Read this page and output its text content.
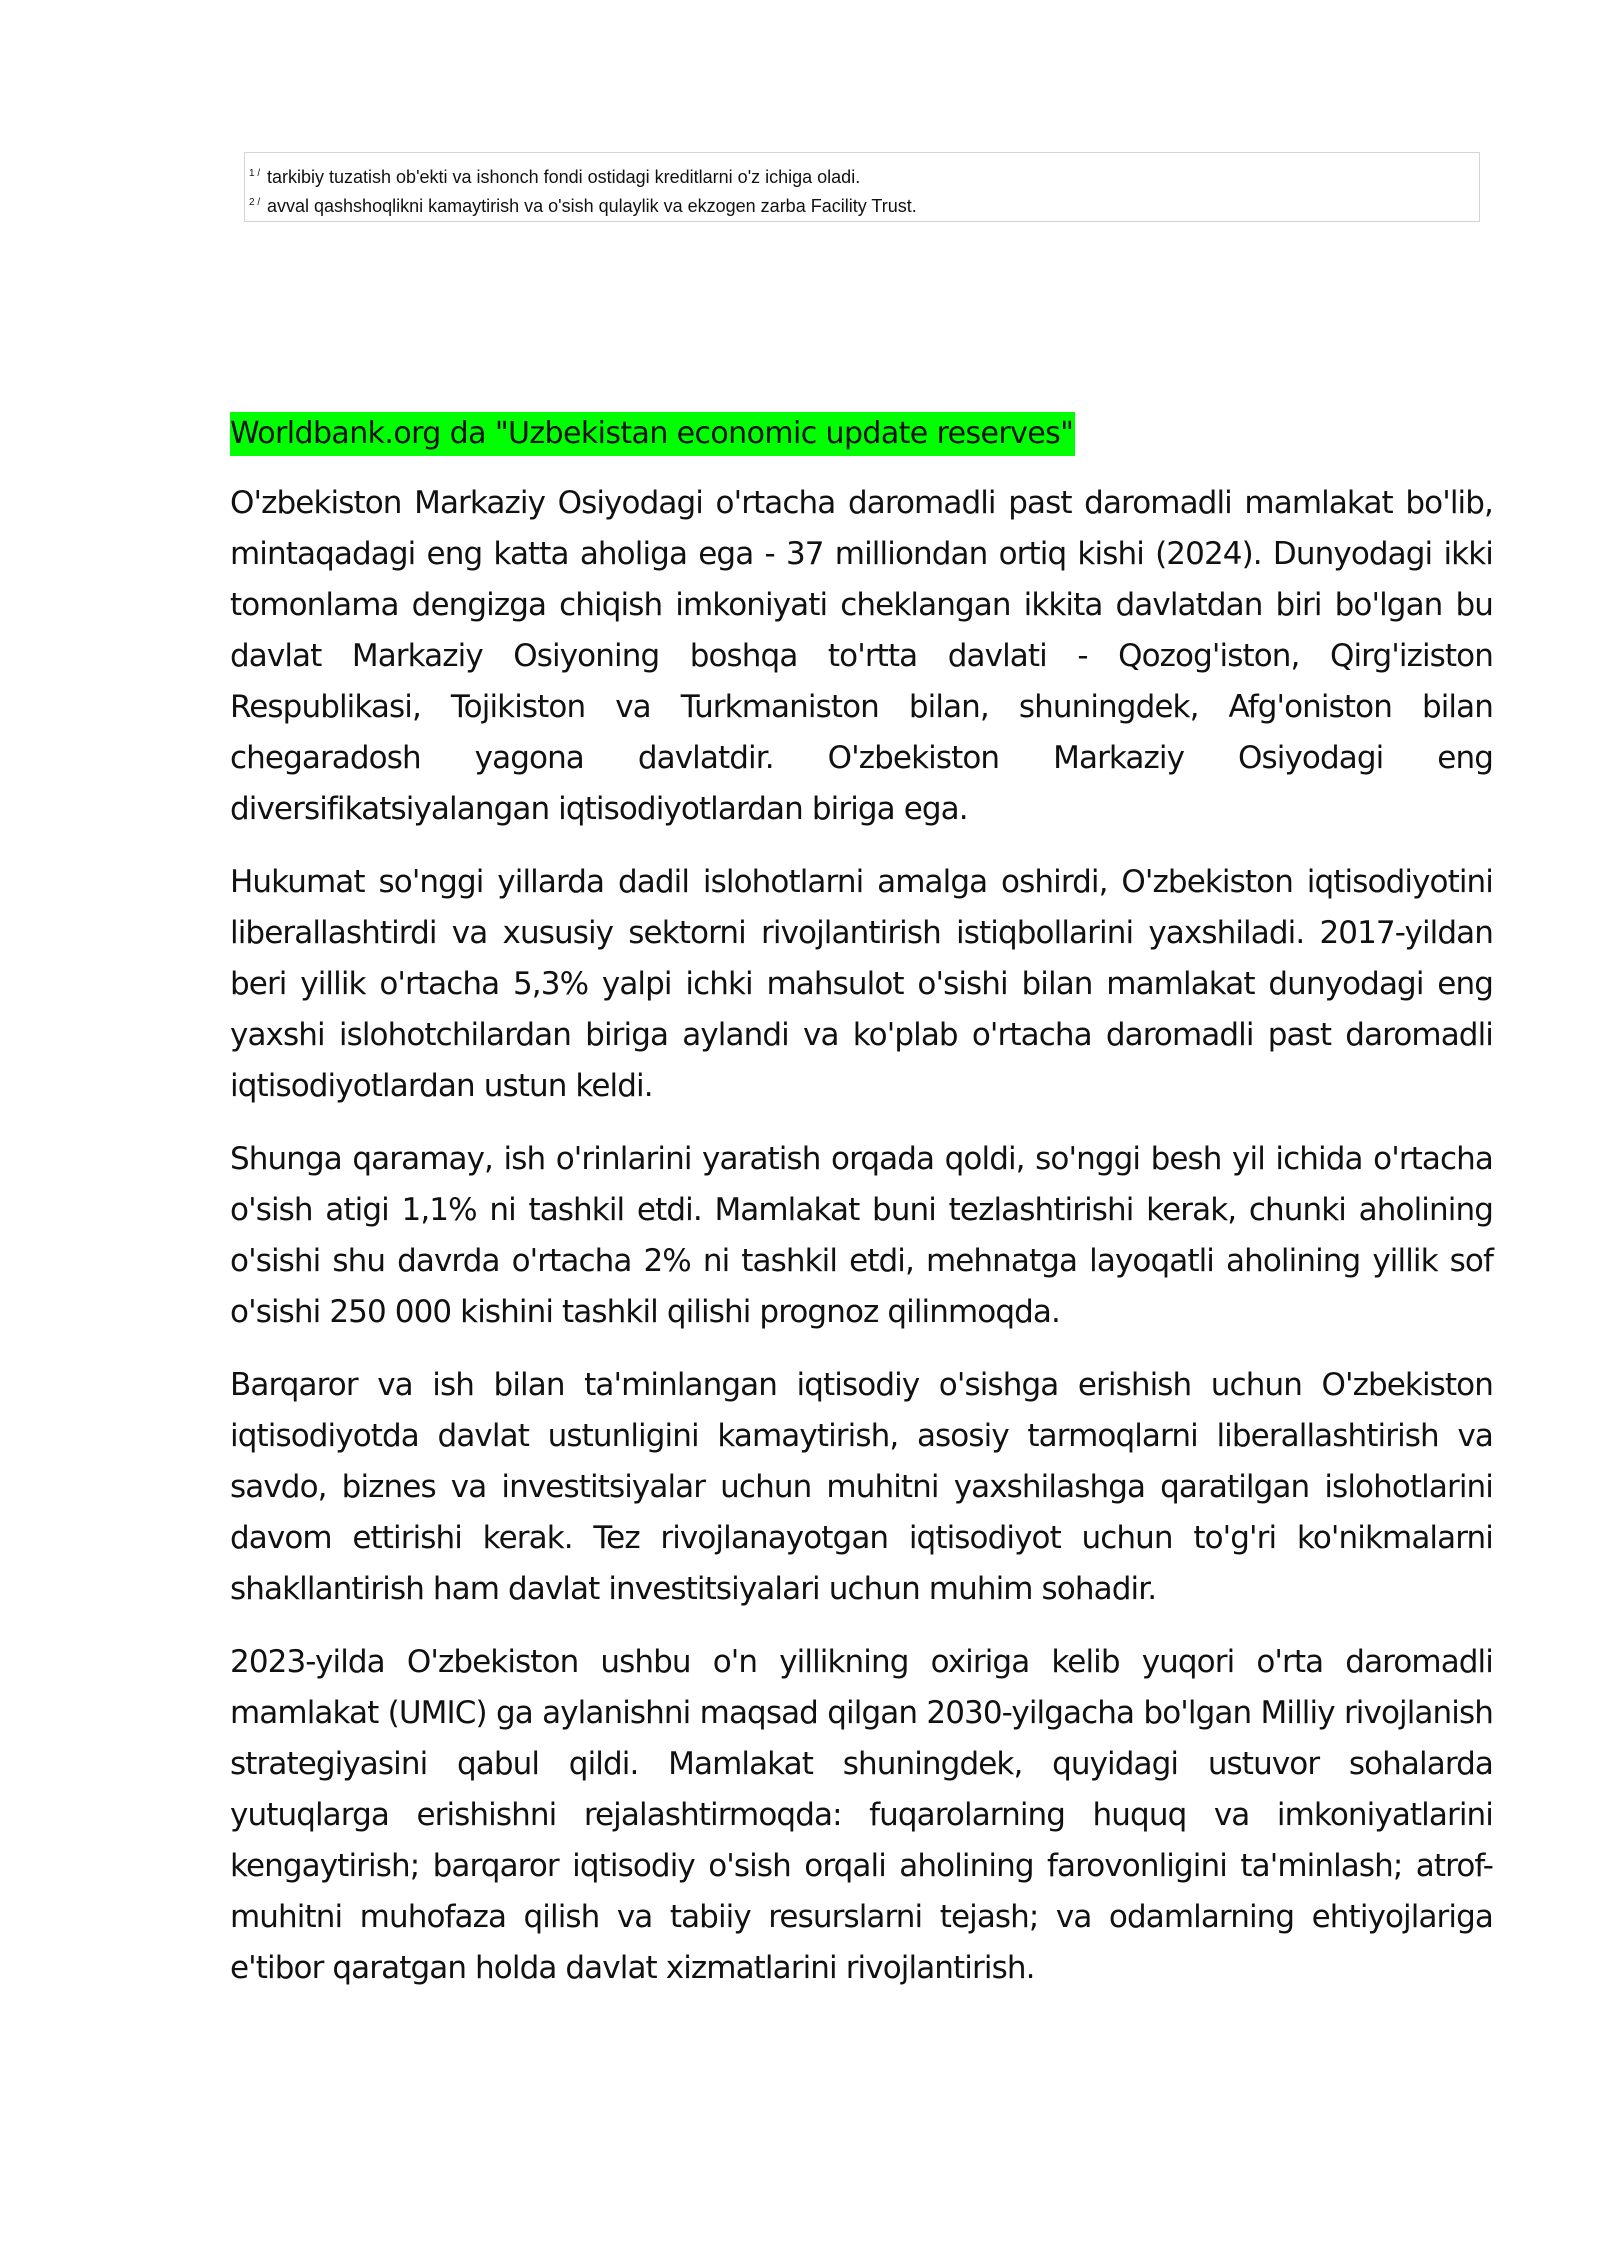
1 / tarkibiy tuzatish ob'ekti va ishonch fondi ostidagi kreditlarni o'z ichiga oladi.
2 / avval qashshoqlikni kamaytirish va o'sish qulaylik va ekzogen zarba Facility Trust.
Worldbank.org da "Uzbekistan economic update reserves"

O'zbekiston Markaziy Osiyodagi o'rtacha daromadli past daromadli mamlakat bo'lib, mintaqadagi eng katta aholiga ega - 37 milliondan ortiq kishi (2024). Dunyodagi ikki tomonlama dengizga chiqish imkoniyati cheklangan ikkita davlatdan biri bo'lgan bu davlat Markaziy Osiyoning boshqa to'rtta davlati - Qozog'iston, Qirg'iziston Respublikasi, Tojikiston va Turkmaniston bilan, shuningdek, Afg'oniston bilan chegaradosh yagona davlatdir. O'zbekiston Markaziy Osiyodagi eng diversifikatsiyalangan iqtisodiyotlardan biriga ega.

Hukumat so'nggi yillarda dadil islohotlarni amalga oshirdi, O'zbekiston iqtisodiyotini liberallashtirdi va xususiy sektorni rivojlantirish istiqbollarini yaxshiladi. 2017-yildan beri yillik o'rtacha 5,3% yalpi ichki mahsulot o'sishi bilan mamlakat dunyodagi eng yaxshi islohotchilardan biriga aylandi va ko'plab o'rtacha daromadli past daromadli iqtisodiyotlardan ustun keldi.

Shunga qaramay, ish o'rinlarini yaratish orqada qoldi, so'nggi besh yil ichida o'rtacha o'sish atigi 1,1% ni tashkil etdi. Mamlakat buni tezlashtirishi kerak, chunki aholining o'sishi shu davrda o'rtacha 2% ni tashkil etdi, mehnatga layoqatli aholining yillik sof o'sishi 250 000 kishini tashkil qilishi prognoz qilinmoqda.

Barqaror va ish bilan ta'minlangan iqtisodiy o'sishga erishish uchun O'zbekiston iqtisodiyotda davlat ustunligini kamaytirish, asosiy tarmoqlarni liberallashtirish va savdo, biznes va investitsiyalar uchun muhitni yaxshilashga qaratilgan islohotlarini davom ettirishi kerak. Tez rivojlanayotgan iqtisodiyot uchun to'g'ri ko'nikmalarni shakllantirish ham davlat investitsiyalari uchun muhim sohadir.

2023-yilda O'zbekiston ushbu o'n yillikning oxiriga kelib yuqori o'rta daromadli mamlakat (UMIC) ga aylanishni maqsad qilgan 2030-yilgacha bo'lgan Milliy rivojlanish strategiyasini qabul qildi. Mamlakat shuningdek, quyidagi ustuvor sohalarda yutuqlarga erishishni rejalashtirmoqda: fuqarolarning huquq va imkoniyatlarini kengaytirish; barqaror iqtisodiy o'sish orqali aholining farovonligini ta'minlash; atrof-muhitni muhofaza qilish va tabiiy resurslarni tejash; va odamlarning ehtiyojlariga e'tibor qaratgan holda davlat xizmatlarini rivojlantirish.
